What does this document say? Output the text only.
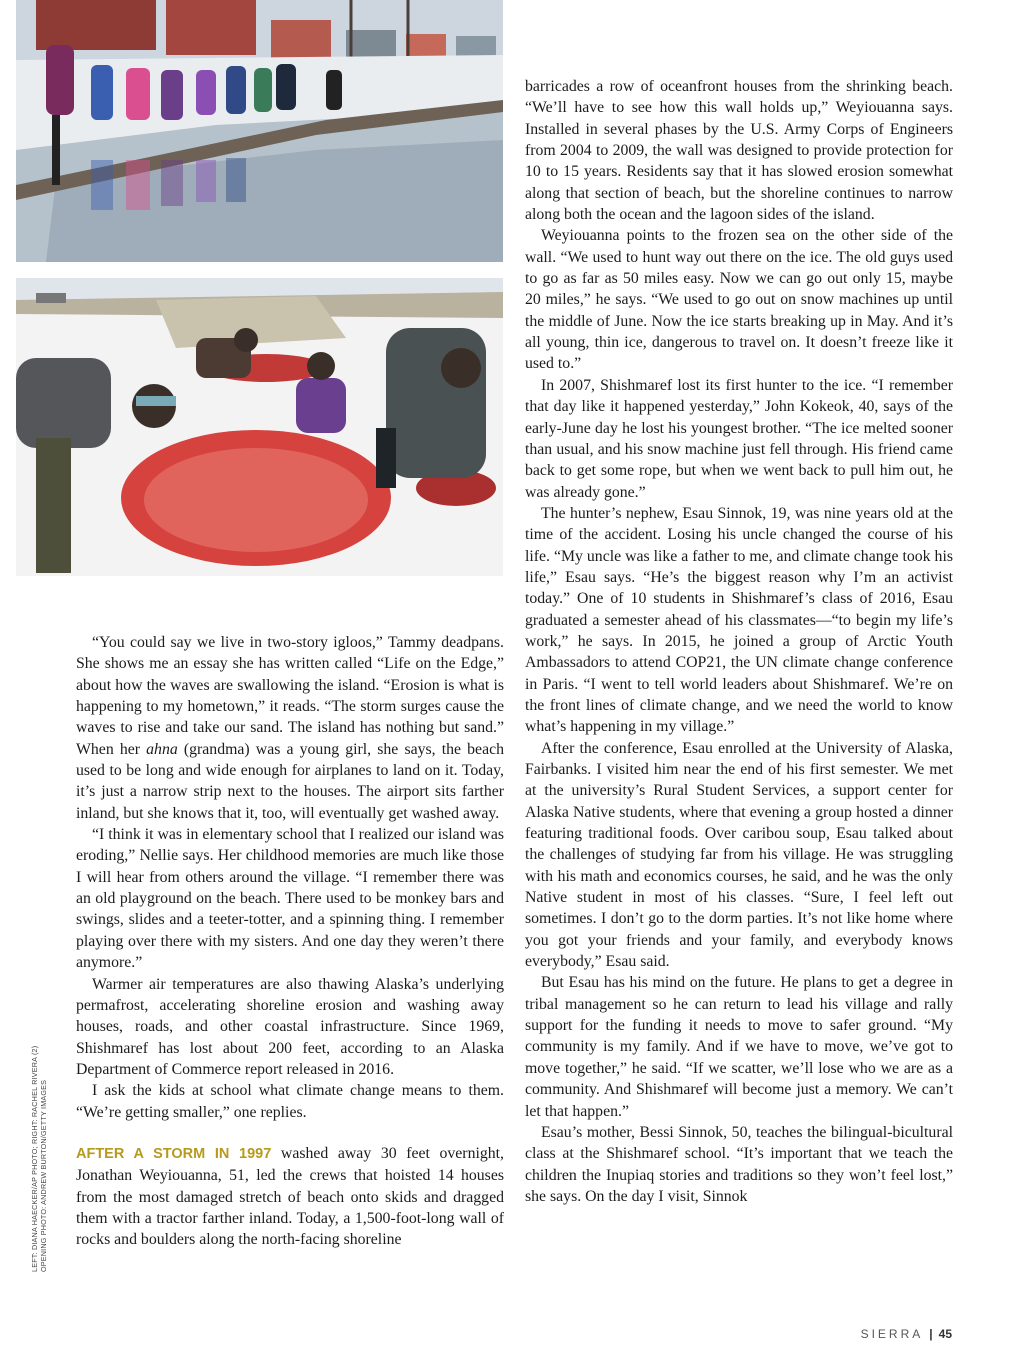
“You could say we live in two-story igloos,” Tammy deadpans. She shows me an essay she has written called “Life on the Edge,” about how the waves are swallowing the island. “Erosion is what is happening to my hometown,” it reads. “The storm surges cause the waves to rise and take our sand. The island has nothing but sand.” When her ahna (grandma) was a young girl, she says, the beach used to be long and wide enough for airplanes to land on it. Today, it’s just a narrow strip next to the houses. The airport sits farther inland, but she knows that it, too, will eventually get washed away.

“I think it was in elementary school that I realized our island was eroding,” Nellie says. Her childhood memories are much like those I will hear from others around the village. “I remember there was an old playground on the beach. There used to be monkey bars and swings, slides and a teeter-totter, and a spinning thing. I remember playing over there with my sisters. And one day they weren’t there anymore.”

Warmer air temperatures are also thawing Alaska’s underlying permafrost, accelerating shoreline erosion and washing away houses, roads, and other coastal infrastructure. Since 1969, Shishmaref has lost about 200 feet, according to an Alaska Department of Commerce report released in 2016.

I ask the kids at school what climate change means to them. “We’re getting smaller,” one replies.

AFTER A STORM IN 1997 washed away 30 feet overnight, Jonathan Weyiouanna, 51, led the crews that hoisted 14 houses from the most damaged stretch of beach onto skids and dragged them with a tractor farther inland. Today, a 1,500-foot-long wall of rocks and boulders along the north-facing shoreline

barricades a row of oceanfront houses from the shrinking beach. “We’ll have to see how this wall holds up,” Weyiouanna says. Installed in several phases by the U.S. Army Corps of Engineers from 2004 to 2009, the wall was designed to provide protection for 10 to 15 years. Residents say that it has slowed erosion somewhat along that section of beach, but the shoreline continues to narrow along both the ocean and the lagoon sides of the island.

Weyiouanna points to the frozen sea on the other side of the wall. “We used to hunt way out there on the ice. The old guys used to go as far as 50 miles easy. Now we can go out only 15, maybe 20 miles,” he says. “We used to go out on snow machines up until the middle of June. Now the ice starts breaking up in May. And it’s all young, thin ice, dangerous to travel on. It doesn’t freeze like it used to.”

In 2007, Shishmaref lost its first hunter to the ice. “I remember that day like it happened yesterday,” John Kokeok, 40, says of the early-June day he lost his youngest brother. “The ice melted sooner than usual, and his snow machine just fell through. His friend came back to get some rope, but when we went back to pull him out, he was already gone.”

The hunter’s nephew, Esau Sinnok, 19, was nine years old at the time of the accident. Losing his uncle changed the course of his life. “My uncle was like a father to me, and climate change took his life,” Esau says. “He’s the biggest reason why I’m an activist today.” One of 10 students in Shishmaref’s class of 2016, Esau graduated a semester ahead of his classmates—“to begin my life’s work,” he says. In 2015, he joined a group of Arctic Youth Ambassadors to attend COP21, the UN climate change conference in Paris. “I went to tell world leaders about Shishmaref. We’re on the front lines of climate change, and we need the world to know what’s happening in my village.”

After the conference, Esau enrolled at the University of Alaska, Fairbanks. I visited him near the end of his first semester. We met at the university’s Rural Student Services, a support center for Alaska Native students, where that evening a group hosted a dinner featuring traditional foods. Over caribou soup, Esau talked about the challenges of studying far from his village. He was struggling with his math and economics courses, he said, and he was the only Native student in most of his classes. “Sure, I feel left out sometimes. I don’t go to the dorm parties. It’s not like home where you got your friends and your family, and everybody knows everybody,” Esau said.

But Esau has his mind on the future. He plans to get a degree in tribal management so he can return to lead his village and rally support for the funding it needs to move to safer ground. “My community is my family. And if we have to move, we’ve got to move together,” he said. “If we scatter, we’ll lose who we are as a community. And Shishmaref will become just a memory. We can’t let that happen.”

Esau’s mother, Bessi Sinnok, 50, teaches the bilingual-bicultural class at the Shishmaref school. “It’s important that we teach the children the Inupiaq stories and traditions so they won’t feel lost,” she says. On the day I visit, Sinnok

LEFT: DIANA HAECKER/AP PHOTO; RIGHT: RACHEL RIVERA (2) OPENING PHOTO: ANDREW BURTON/GETTY IMAGES
SIERRA | 45
